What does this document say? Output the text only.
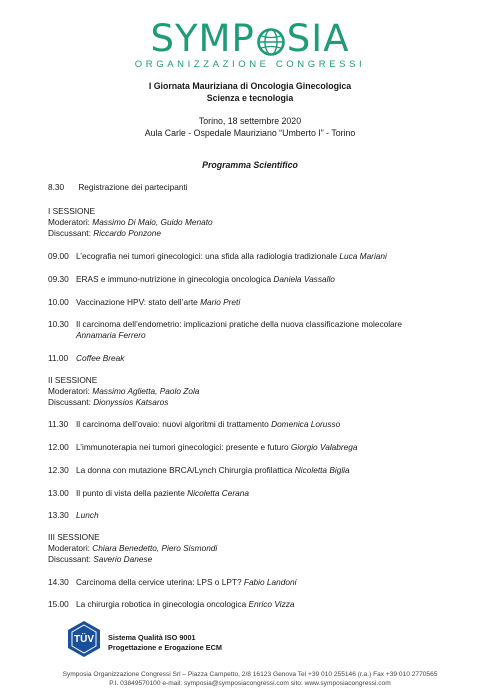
SYMP SIA
ORGANIZZAZIONE CONGRESSI
I Giornata Mauriziana di Oncologia Ginecologica
Scienza e tecnologia
Torino, 18 settembre 2020
Aula Carle - Ospedale Mauriziano “Umberto I” - Torino
Programma Scientifico
8.30 Registrazione dei partecipanti
I SESSIONE
Moderatori: Massimo Di Maio, Guido Menato
Discussant: Riccardo Ponzone
09.00 L’ecografia nei tumori ginecologici: una sfida alla radiologia tradizionale Luca Mariani
09.30 ERAS e immuno-nutrizione in ginecologia oncologica Daniela Vassallo
10.00 Vaccinazione HPV: stato dell’arte Mario Preti
10.30 Il carcinoma dell’endometrio: implicazioni pratiche della nuova classificazione molecolare
Annamaria Ferrero
11.00 Coffee Break
II SESSIONE
Moderatori: Massimo Aglietta, Paolo Zola
Discussant: Dionyssios Katsaros
11.30 Il carcinoma dell’ovaio: nuovi algoritmi di trattamento Domenica Lorusso
12.00 L’immunoterapia nei tumori ginecologici: presente e futuro Giorgio Valabrega
12.30 La donna con mutazione BRCA/Lynch Chirurgia profilattica Nicoletta Biglia
13.00 Il punto di vista della paziente Nicoletta Cerana
13.30 Lunch
III SESSIONE
Moderatori: Chiara Benedetto, Piero Sismondi
Discussant: Saverio Danese
14.30 Carcinoma della cervice uterina: LPS o LPT? Fabio Landoni
15.00 La chirurgia robotica in ginecologia oncologica Enrico Vizza
TÜV Sistema Qualità ISO 9001
Progettazione e Erogazione ECM
Symposia Organizzazione Congressi Srl – Piazza Campetto, 2/8 16123 Genova Tel +39 010 255146 (r.a.) Fax +39 010 2770565
P.I. 03849570100 e-mail: symposia@symposiacongressi.com sito: www.symposiacongressi.com
